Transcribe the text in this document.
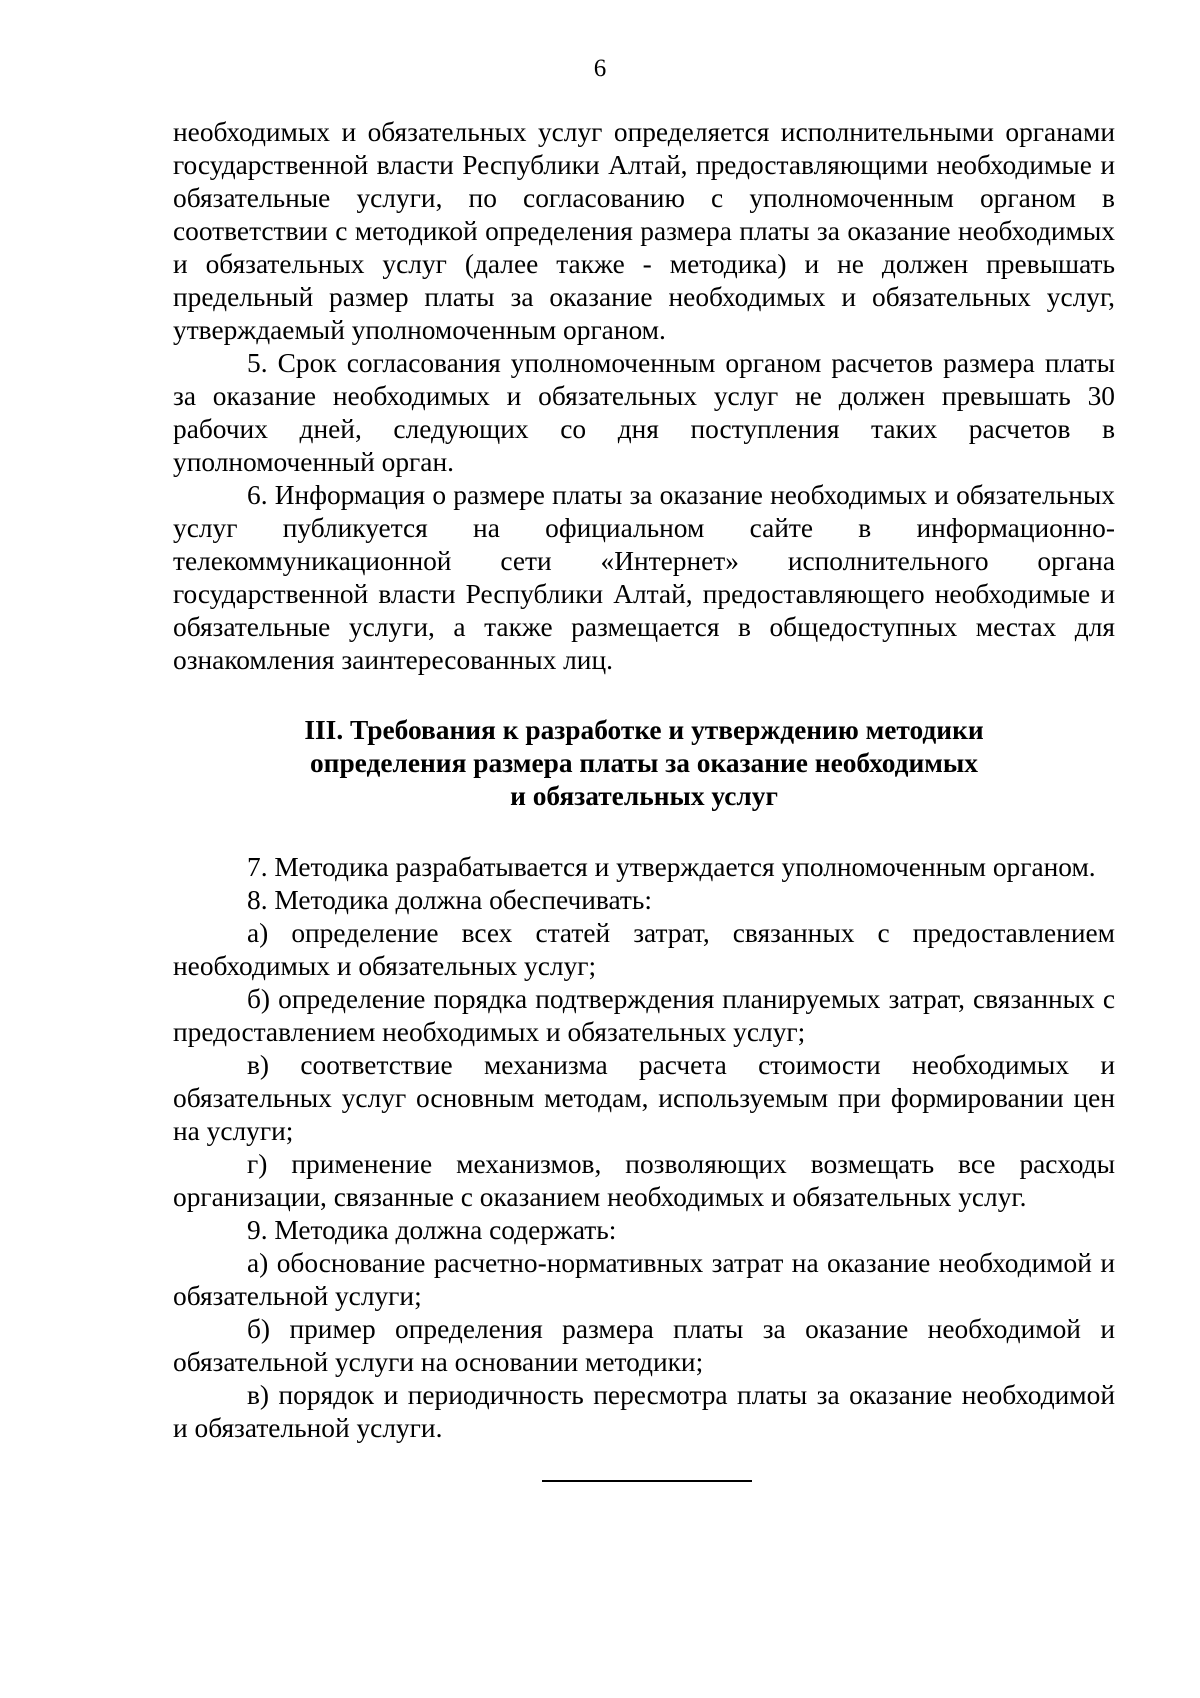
6

необходимых и обязательных услуг определяется исполнительными органами государственной власти Республики Алтай, предоставляющими необходимые и обязательные услуги, по согласованию с уполномоченным органом в соответствии с методикой определения размера платы за оказание необходимых и обязательных услуг (далее также - методика) и не должен превышать предельный размер платы за оказание необходимых и обязательных услуг, утверждаемый уполномоченным органом.

5. Срок согласования уполномоченным органом расчетов размера платы за оказание необходимых и обязательных услуг не должен превышать 30 рабочих дней, следующих со дня поступления таких расчетов в уполномоченный орган.

6. Информация о размере платы за оказание необходимых и обязательных услуг публикуется на официальном сайте в информационно-телекоммуникационной сети «Интернет» исполнительного органа государственной власти Республики Алтай, предоставляющего необходимые и обязательные услуги, а также размещается в общедоступных местах для ознакомления заинтересованных лиц.

III. Требования к разработке и утверждению методики
определения размера платы за оказание необходимых
и обязательных услуг

7. Методика разрабатывается и утверждается уполномоченным органом.

8. Методика должна обеспечивать:

а) определение всех статей затрат, связанных с предоставлением необходимых и обязательных услуг;

б) определение порядка подтверждения планируемых затрат, связанных с предоставлением необходимых и обязательных услуг;

в) соответствие механизма расчета стоимости необходимых и обязательных услуг основным методам, используемым при формировании цен на услуги;

г) применение механизмов, позволяющих возмещать все расходы организации, связанные с оказанием необходимых и обязательных услуг.

9. Методика должна содержать:

а) обоснование расчетно-нормативных затрат на оказание необходимой и обязательной услуги;

б) пример определения размера платы за оказание необходимой и обязательной услуги на основании методики;

в) порядок и периодичность пересмотра платы за оказание необходимой и обязательной услуги.
